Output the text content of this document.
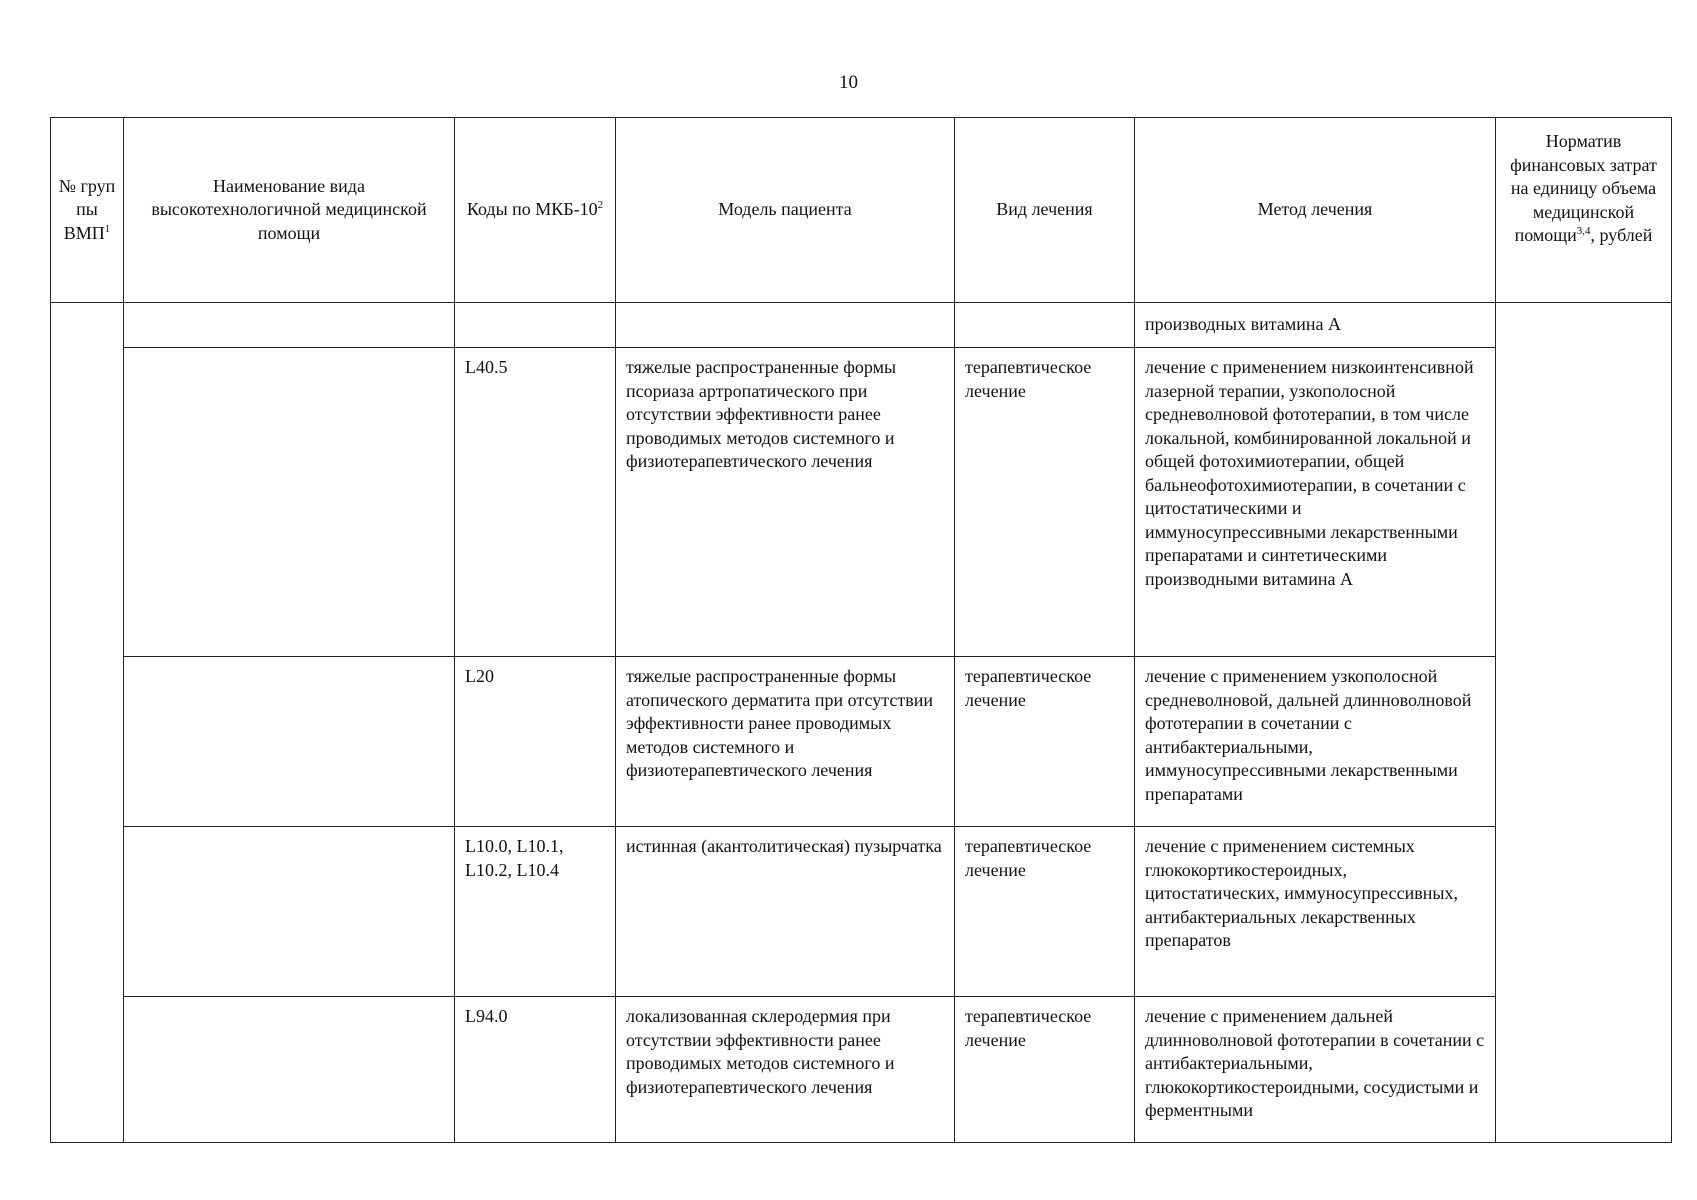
10
№ груп пы ВМП$^1$	Наименование вида высокотехнологичной медицинской помощи	Коды по МКБ-$10^2$	Модель пациента	Вид лечения	Метод лечения	Норматив финансовых затрат на единицу объема медицинской помощи$^{3,4}$, рублей
					производных витамина А	
		L40.5	тяжелые распространенные формы псориаза артропатического при отсутствии эффективности ранее проводимых методов системного и физиотерапевтического лечения	терапевтическое лечение	лечение с применением низкоинтенсивной лазерной терапии, узкополосной средневолновой фототерапии, в том числе локальной, комбинированной локальной и общей фотохимиотерапии, общей бальнеофотохимиотерапии, в сочетании с цитостатическими и иммуносупрессивными лекарственными препаратами и синтетическими производными витамина А	
		L20	тяжелые распространенные формы атопического дерматита при отсутствии эффективности ранее проводимых методов системного и физиотерапевтического лечения	терапевтическое лечение	лечение с применением узкополосной средневолновой, дальней длинноволновой фототерапии в сочетании с антибактериальными, иммуносупрессивными лекарственными препаратами	
		L10.0, L10.1, L10.2, L10.4	истинная (акантолитическая) пузырчатка	терапевтическое лечение	лечение с применением системных глюкокортикостероидных, цитостатических, иммуносупрессивных, антибактериальных лекарственных препаратов	
		L94.0	локализованная склеродермия при отсутствии эффективности ранее проводимых методов системного и физиотерапевтического лечения	терапевтическое лечение	лечение с применением дальней длинноволновой фототерапии в сочетании с антибактериальными, глюкокортикостероидными, сосудистыми и ферментными	
